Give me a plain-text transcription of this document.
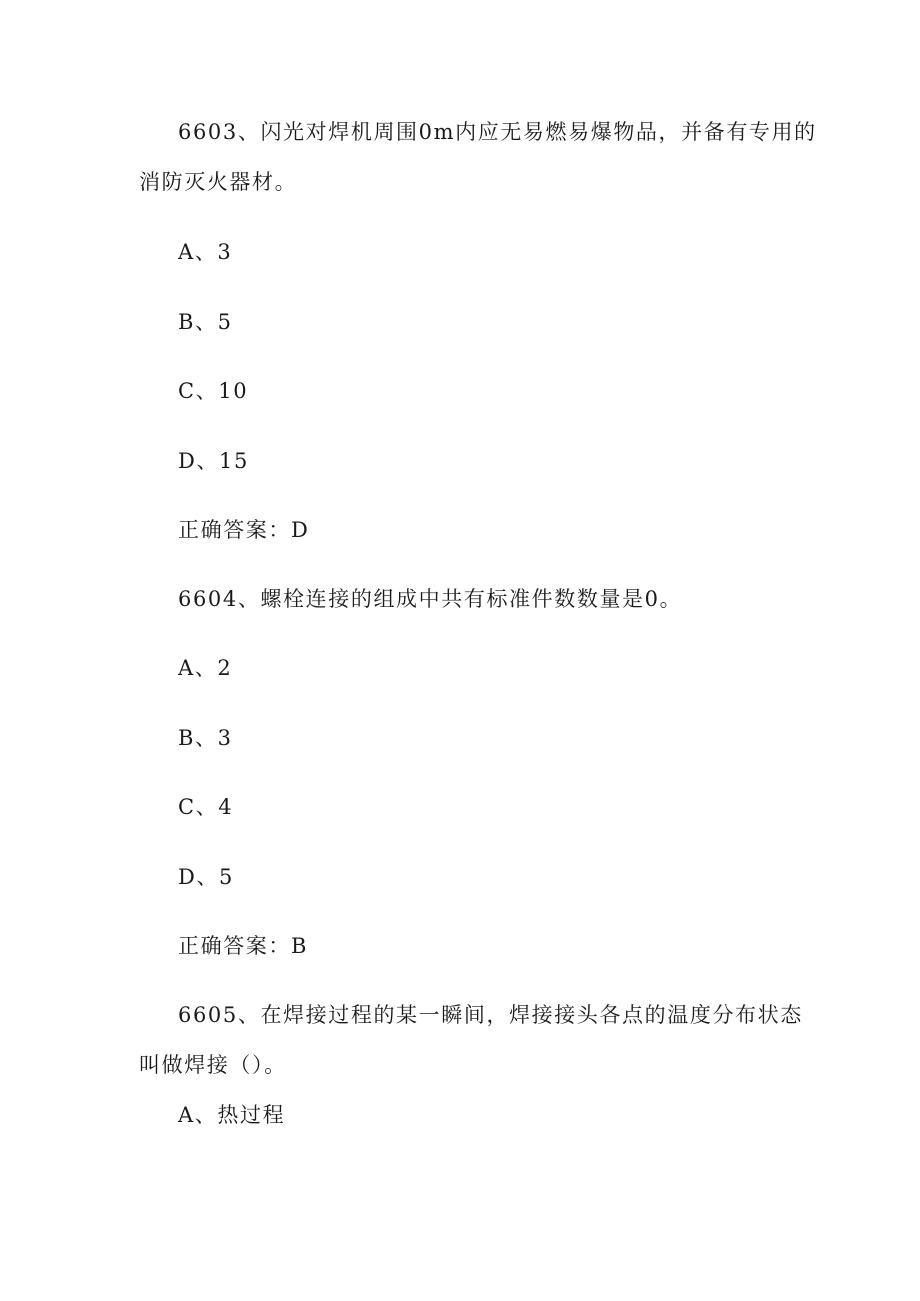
6603、闪光对焊机周围0m内应无易燃易爆物品，并备有专用的
消防灭火器材。
A、3
B、5
C、10
D、15
正确答案：D
6604、螺栓连接的组成中共有标准件数数量是0。
A、2
B、3
C、4
D、5
正确答案：B
6605、在焊接过程的某一瞬间，焊接接头各点的温度分布状态
叫做焊接（）。
A、热过程
